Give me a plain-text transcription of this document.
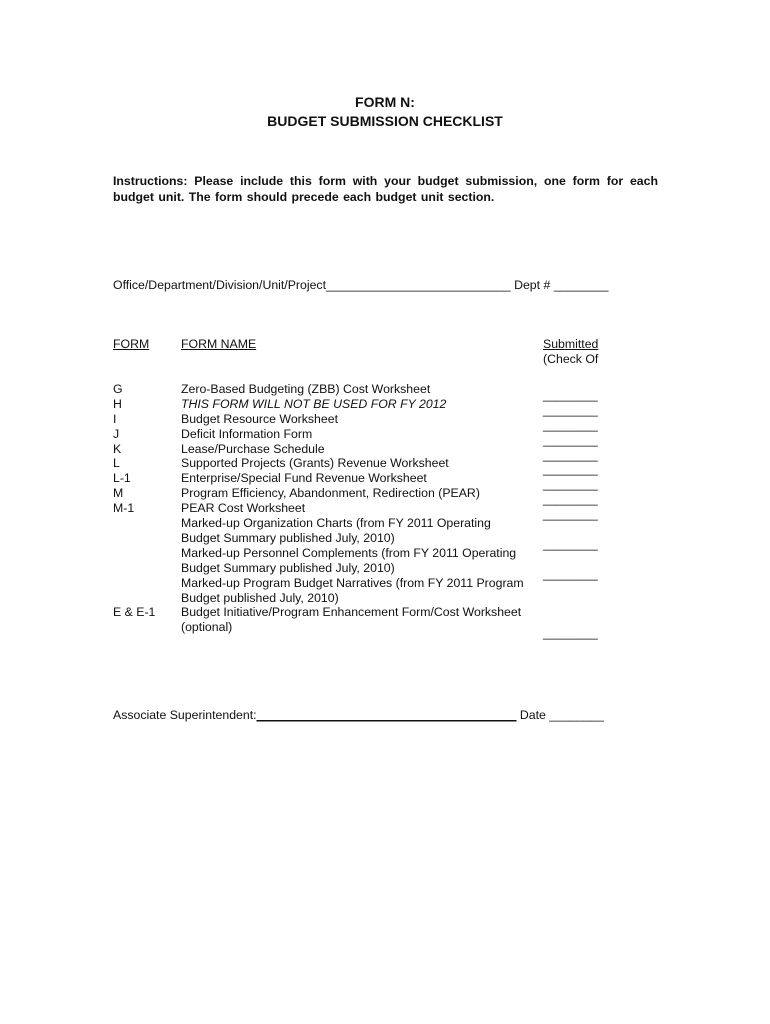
FORM N:
BUDGET SUBMISSION CHECKLIST
Instructions: Please include this form with your budget submission, one form for each budget unit. The form should precede each budget unit section.
Office/Department/Division/Unit/Project___________________________ Dept # ________
FORM	FORM NAME	Submitted
(Check Of
G	Zero-Based Budgeting (ZBB) Cost Worksheet	________
H	THIS FORM WILL NOT BE USED FOR FY 2012	________
I	Budget Resource Worksheet	________
J	Deficit Information Form	________
K	Lease/Purchase Schedule	________
L	Supported Projects (Grants) Revenue Worksheet	________
L-1	Enterprise/Special Fund Revenue Worksheet	________
M	Program Efficiency, Abandonment, Redirection (PEAR)	________
M-1	PEAR Cost Worksheet	________
Marked-up Organization Charts (from FY 2011 Operating
Budget Summary published July, 2010)	________
Marked-up Personnel Complements (from FY 2011 Operating
Budget Summary published July, 2010)	________
Marked-up Program Budget Narratives (from FY 2011 Program
Budget published July, 2010)
E & E-1 Budget Initiative/Program Enhancement Form/Cost Worksheet
(optional)	________
Associate Superintendent:______________________________________ Date ________
